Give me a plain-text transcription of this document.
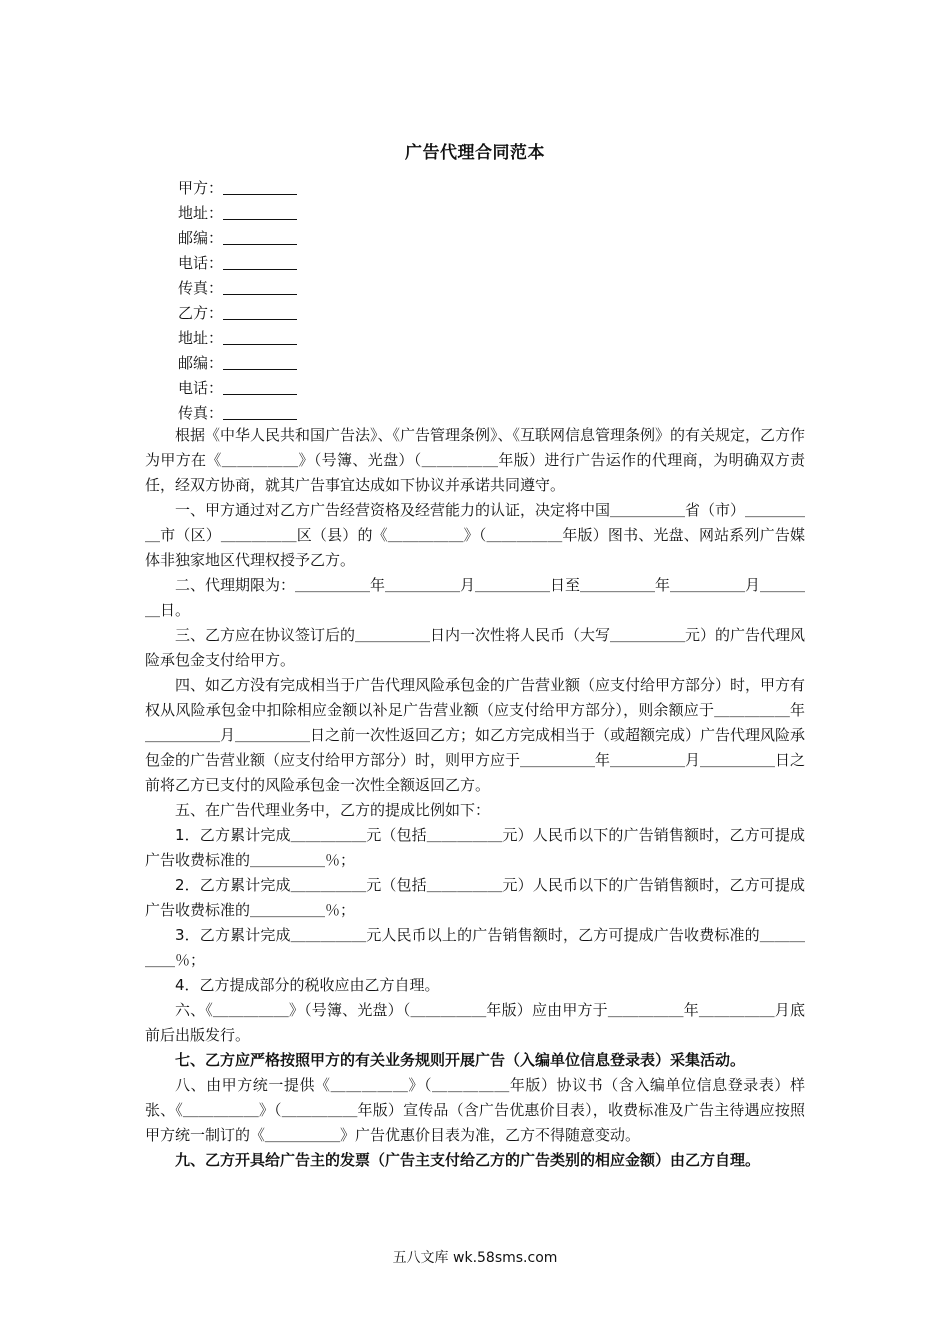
广告代理合同范本
甲方：
地址：
邮编：
电话：
传真：
乙方：
地址：
邮编：
电话：
传真：

根据《中华人民共和国广告法》、《广告管理条例》、《互联网信息管理条例》的有关规定，乙方作为甲方在《＿＿＿＿＿》（号簿、光盘）（＿＿＿＿＿年版）进行广告运作的代理商，为明确双方责任，经双方协商，就其广告事宜达成如下协议并承诺共同遵守。

一、甲方通过对乙方广告经营资格及经营能力的认证，决定将中国＿＿＿＿＿省（市）＿＿＿＿＿市（区）＿＿＿＿＿区（县）的《＿＿＿＿＿》（＿＿＿＿＿年版）图书、光盘、网站系列广告媒体非独家地区代理权授予乙方。

二、代理期限为：＿＿＿＿＿年＿＿＿＿＿月＿＿＿＿＿日至＿＿＿＿＿年＿＿＿＿＿月＿＿＿＿日。

三、乙方应在协议签订后的＿＿＿＿＿日内一次性将人民币（大写＿＿＿＿＿元）的广告代理风险承包金支付给甲方。

四、如乙方没有完成相当于广告代理风险承包金的广告营业额（应支付给甲方部分）时，甲方有权从风险承包金中扣除相应金额以补足广告营业额（应支付给甲方部分），则余额应于＿＿＿＿＿年＿＿＿＿＿月＿＿＿＿＿日之前一次性返回乙方；如乙方完成相当于（或超额完成）广告代理风险承包金的广告营业额（应支付给甲方部分）时，则甲方应于＿＿＿＿＿年＿＿＿＿＿月＿＿＿＿＿日之前将乙方已支付的风险承包金一次性全额返回乙方。

五、在广告代理业务中，乙方的提成比例如下：

1．乙方累计完成＿＿＿＿＿元（包括＿＿＿＿＿元）人民币以下的广告销售额时，乙方可提成广告收费标准的＿＿＿＿＿％；

2．乙方累计完成＿＿＿＿＿元（包括＿＿＿＿＿元）人民币以下的广告销售额时，乙方可提成广告收费标准的＿＿＿＿＿％；

3．乙方累计完成＿＿＿＿＿元人民币以上的广告销售额时，乙方可提成广告收费标准的＿＿＿＿＿％；

4．乙方提成部分的税收应由乙方自理。

六、《＿＿＿＿＿》（号簿、光盘）（＿＿＿＿＿年版）应由甲方于＿＿＿＿＿年＿＿＿＿＿月底前后出版发行。

七、乙方应严格按照甲方的有关业务规则开展广告（入编单位信息登录表）采集活动。

八、由甲方统一提供《＿＿＿＿＿》（＿＿＿＿＿年版）协议书（含入编单位信息登录表）样张、《＿＿＿＿＿》（＿＿＿＿＿年版）宣传品（含广告优惠价目表），收费标准及广告主待遇应按照甲方统一制订的《＿＿＿＿＿》广告优惠价目表为准，乙方不得随意变动。

九、乙方开具给广告主的发票（广告主支付给乙方的广告类别的相应金额）由乙方自理。

五八文库 wk.58sms.com
